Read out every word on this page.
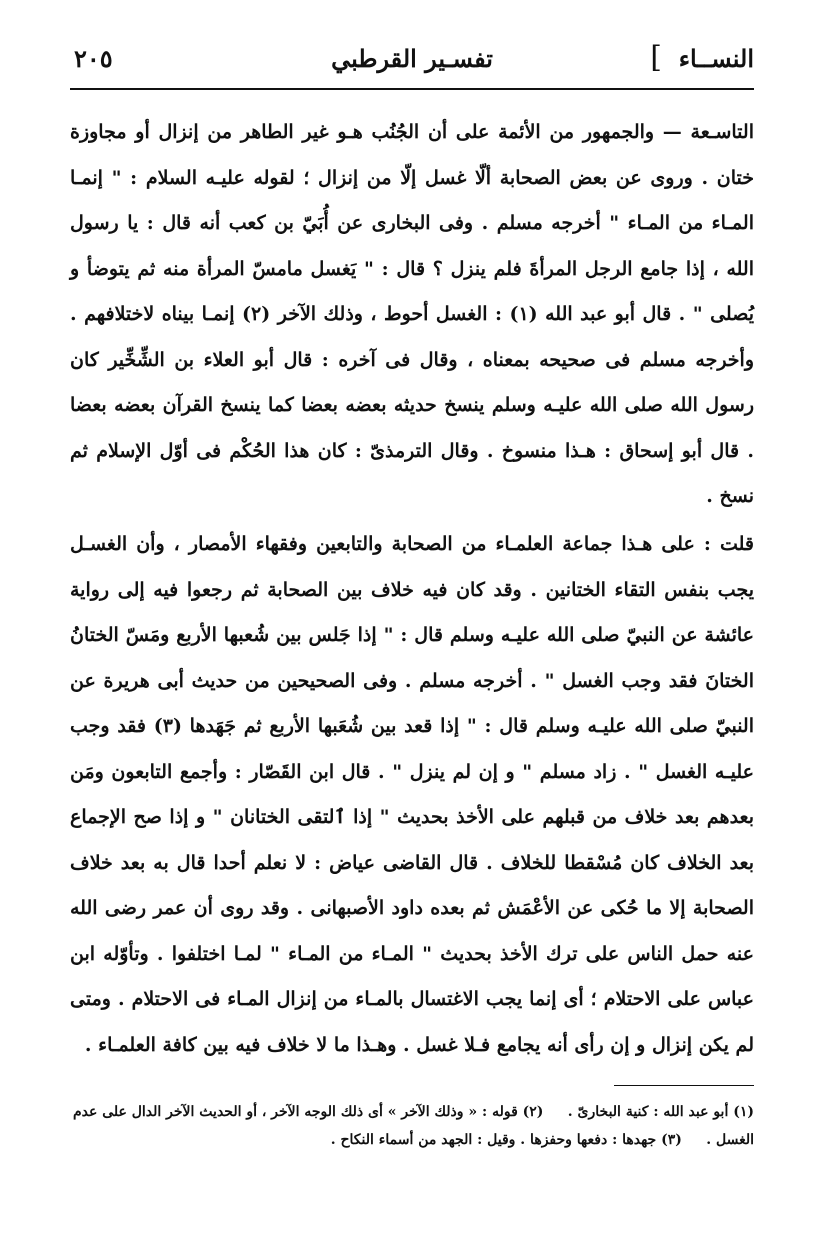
النســاء
]
تفسـير القرطبي
٢٠٥
التاسـعة — والجمهور من الأئمة على أن الجُنُب هـو غير الطاهر من إنزال أو مجاوزة ختان . وروى عن بعض الصحابة ألّا غسل إلّا من إنزال ؛ لقوله عليـه السلام : " إنمـا المـاء من المـاء " أخرجه مسلم . وفى البخارى عن أُبَيّ بن كعب أنه قال : يا رسول الله ، إذا جامع الرجل المرأةَ فلم ينزل ؟ قال : " يَغسل مامسّ المرأة منه ثم يتوضأ و يُصلى " . قال أبو عبد الله (١) : الغسل أحوط ، وذلك الآخر (٢) إنمـا بيناه لاختلافهم . وأخرجه مسلم فى صحيحه بمعناه ، وقال فى آخره : قال أبو العلاء بن الشِّخِّير كان رسول الله صلى الله عليـه وسلم ينسخ حديثه بعضه بعضا كما ينسخ القرآن بعضه بعضا . قال أبو إسحاق : هـذا منسوخ . وقال الترمذىّ : كان هذا الحُكْم فى أوّل الإسلام ثم نسخ .
قلت : على هـذا جماعة العلمـاء من الصحابة والتابعين وفقهاء الأمصار ، وأن الغسـل يجب بنفس التقاء الختانين . وقد كان فيه خلاف بين الصحابة ثم رجعوا فيه إلى رواية عائشة عن النبيّ صلى الله عليـه وسلم قال : " إذا جَلس بين شُعبها الأربع ومَسّ الختانُ الختانَ فقد وجب الغسل " . أخرجه مسلم . وفى الصحيحين من حديث أبى هريرة عن النبيّ صلى الله عليـه وسلم قال : " إذا قعد بين شُعَبها الأربع ثم جَهَدها (٣) فقد وجب عليـه الغسل " . زاد مسلم " و إن لم ينزل " . قال ابن القَصّار : وأجمع التابعون ومَن بعدهم بعد خلاف من قبلهم على الأخذ بحديث " إذا ٱلتقى الختانان " و إذا صح الإجماع بعد الخلاف كان مُسْقطا للخلاف . قال القاضى عياض : لا نعلم أحدا قال به بعد خلاف الصحابة إلا ما حُكى عن الأعْمَش ثم بعده داود الأصبهانى . وقد روى أن عمر رضى الله عنه حمل الناس على ترك الأخذ بحديث " المـاء من المـاء " لمـا اختلفوا . وتأوّله ابن عباس على الاحتلام ؛ أى إنما يجب الاغتسال بالمـاء من إنزال المـاء فى الاحتلام . ومتى لم يكن إنزال و إن رأى أنه يجامع فـلا غسل . وهـذا ما لا خلاف فيه بين كافة العلمـاء .
(١) أبو عبد الله : كنية البخارىّ .     (٢) قوله : « وذلك الآخر » أى ذلك الوجه الآخر ، أو الحديث الآخر الدال على عدم الغسل .     (٣) جهدها : دفعها وحفزها . وقيل : الجهد من أسماء النكاح .
